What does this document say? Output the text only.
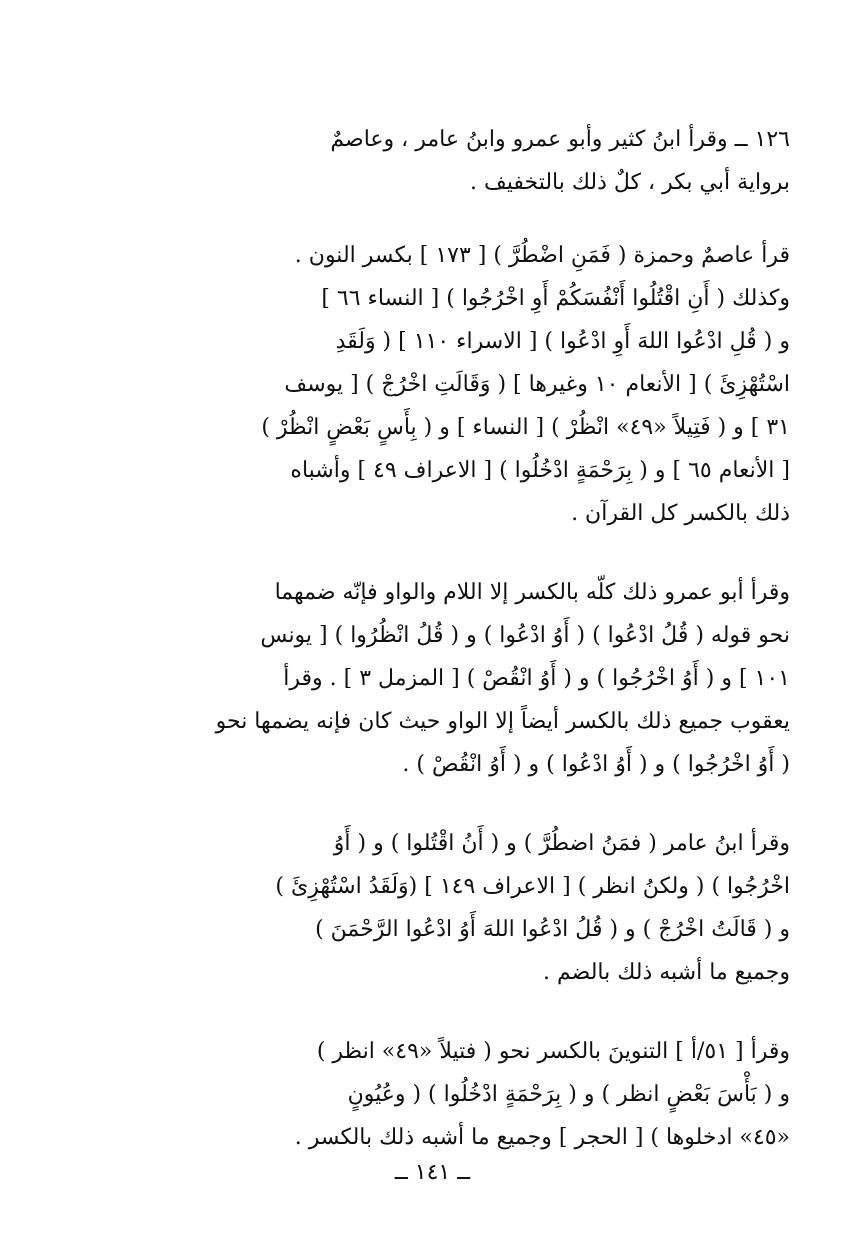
١٢٦ ــ وقرأ ابنُ كثير وأبو عمرو وابنُ عامر ، وعاصمٌ
برواية أبي بكر ، كلٌ ذلك بالتخفيف .
قرأ عاصمٌ وحمزة ( فَمَنِ اضْطُرَّ ) [ ١٧٣ ] بكسر النون .
وكذلك ( أَنِ اقْتُلُوا أَنْفُسَكُمْ أَوِ اخْرُجُوا ) [ النساء ٦٦ ]
و ( قُلِ ادْعُوا اللهَ أَوِ ادْعُوا ) [ الاسراء ١١٠ ] ( وَلَقَدِ
اسْتُهْزِئَ ) [ الأنعام ١٠ وغيرها ] ( وَقَالَتِ اخْرُجْ ) [ يوسف
٣١ ] و ( فَتِيلاً «٤٩» انْظُرْ ) [ النساء ] و ( بِأَسٍ بَعْضٍ انْظُرْ )
[ الأنعام ٦٥ ] و ( بِرَحْمَةٍ ادْخُلُوا ) [ الاعراف ٤٩ ] وأشباه
ذلك بالكسر كل القرآن .
وقرأ أبو عمرو ذلك كلّه بالكسر إلا اللام والواو فإنّه ضمهما
نحو قوله ( قُلُ ادْعُوا ) ( أَوُ ادْعُوا ) و ( قُلُ انْظُرُوا ) [ يونس
١٠١ ] و ( أَوُ اخْرُجُوا ) و ( أَوُ انْقُصْ ) [ المزمل ٣ ] . وقرأ
يعقوب جميع ذلك بالكسر أيضاً إلا الواو حيث كان فإنه يضمها نحو
( أَوُ اخْرُجُوا ) و ( أَوُ ادْعُوا ) و ( أَوُ انْقُصْ ) .
وقرأ ابنُ عامر ( فمَنُ اضطُرَّ ) و ( أَنُ اقْتُلوا ) و ( أَوُ
اخْرُجُوا ) ( ولكنُ انظر ) [ الاعراف ١٤٩ ] (وَلَقَدُ اسْتُهْزِئَ )
و ( قَالَتُ اخْرُجْ ) و ( قُلُ ادْعُوا اللهَ أَوُ ادْعُوا الرَّحْمَنَ )
وجميع ما أشبه ذلك بالضم .
وقرأ [ ٥١/أ ] التنوينَ بالكسر نحو ( فتيلاً «٤٩» انظر )
و ( بَأْسَ بَعْضٍ انظر ) و ( بِرَحْمَةٍ ادْخُلُوا ) ( وعُيُونٍ
«٤٥» ادخلوها ) [ الحجر ] وجميع ما أشبه ذلك بالكسر .
ــ ١٤١ ــ
